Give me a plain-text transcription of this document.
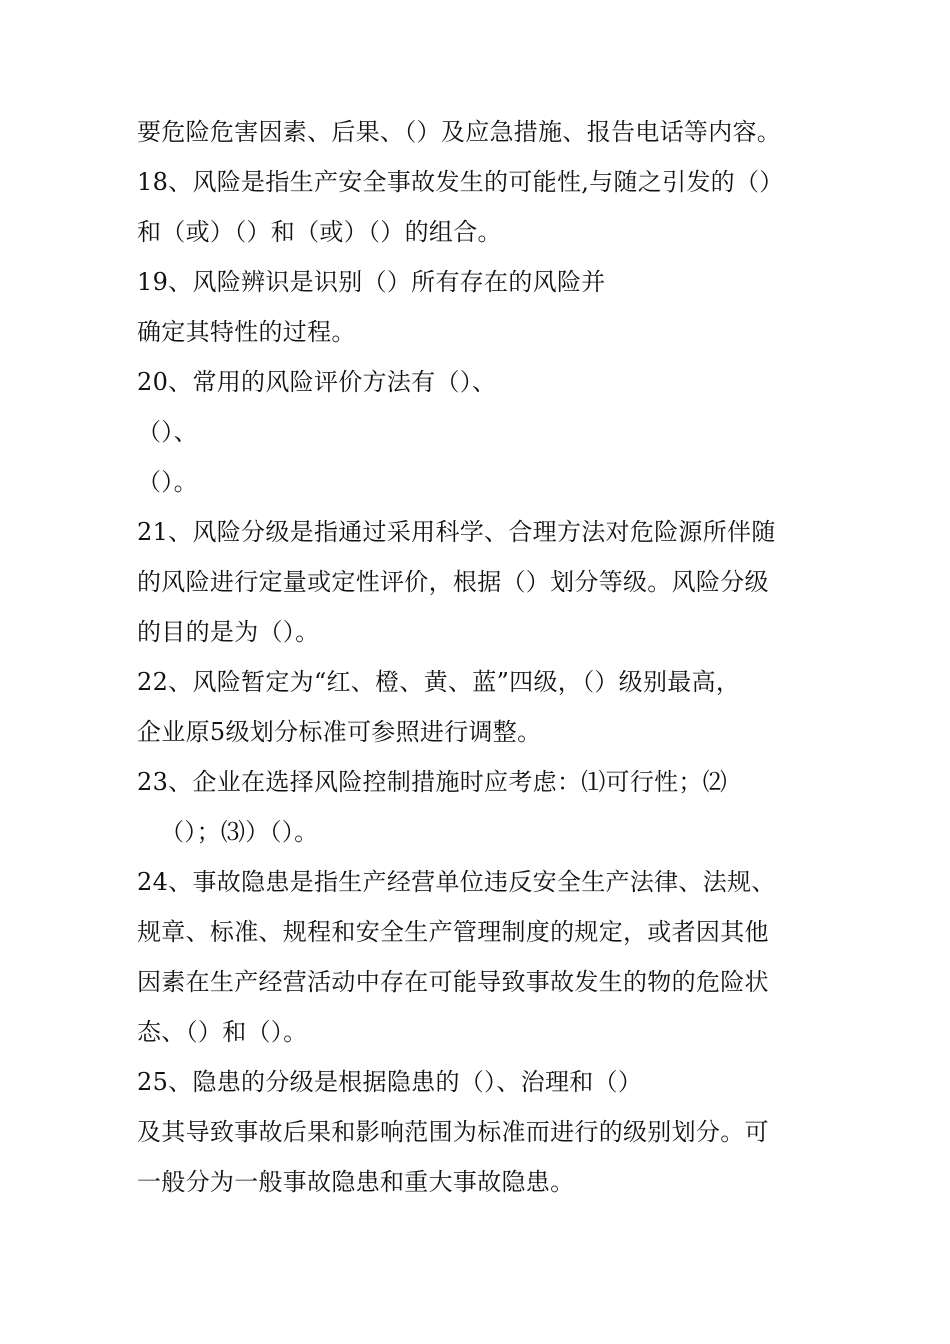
要危险危害因素、后果、（）及应急措施、报告电话等内容。
18、风险是指生产安全事故发生的可能性,与随之引发的（）
和（或）（）和（或）（）的组合。
19、风险辨识是识别（）所有存在的风险并
确定其特性的过程。
20、常用的风险评价方法有（）、
（）、
（）。
21、风险分级是指通过采用科学、合理方法对危险源所伴随
的风险进行定量或定性评价，根据（）划分等级。风险分级
的目的是为（）。
22、风险暂定为“红、橙、黄、蓝”四级，（）级别最高，
企业原5级划分标准可参照进行调整。
23、企业在选择风险控制措施时应考虑：⑴可行性；⑵
（）；⑶）（）。
24、事故隐患是指生产经营单位违反安全生产法律、法规、
规章、标准、规程和安全生产管理制度的规定，或者因其他
因素在生产经营活动中存在可能导致事故发生的物的危险状
态、（）和（）。
25、隐患的分级是根据隐患的（）、治理和（）
及其导致事故后果和影响范围为标准而进行的级别划分。可
一般分为一般事故隐患和重大事故隐患。
